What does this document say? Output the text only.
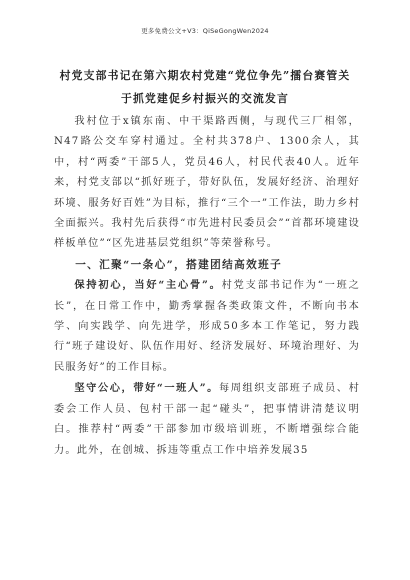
更多免费公文+V3：QiSeGongWen2024
村党支部书记在第六期农村党建“党位争先”擂台赛管关
于抓党建促乡村振兴的交流发言

我村位于x镇东南、中干渠路西侧，与现代三厂相邻，N47路公交车穿村通过。全村共378户、1300余人，其中，村“两委”干部5人，党员46人，村民代表40人。近年来，村党支部以“抓好班子，带好队伍，发展好经济、治理好环境、服务好百姓”为目标，推行“三个一”工作法，助力乡村全面振兴。我村先后获得“市先进村民委员会”“首都环境建设样板单位”“区先进基层党组织”等荣誉称号。

一、汇聚“一条心”，搭建团结高效班子

保持初心，当好“主心骨”。村党支部书记作为“一班之长”，在日常工作中，勤秀掌握各类政策文件，不断向书本学、向实践学、向先进学，形成50多本工作笔记，努力践行“班子建设好、队伍作用好、经济发展好、环境治理好、为民服务好”的工作目标。

坚守公心，带好“一班人”。每周组织支部班子成员、村委会工作人员、包村干部一起“碰头”，把事情讲清楚议明白。推荐村“两委”干部参加市级培训班，不断增强综合能力。此外，在创城、拆违等重点工作中培养发展35
